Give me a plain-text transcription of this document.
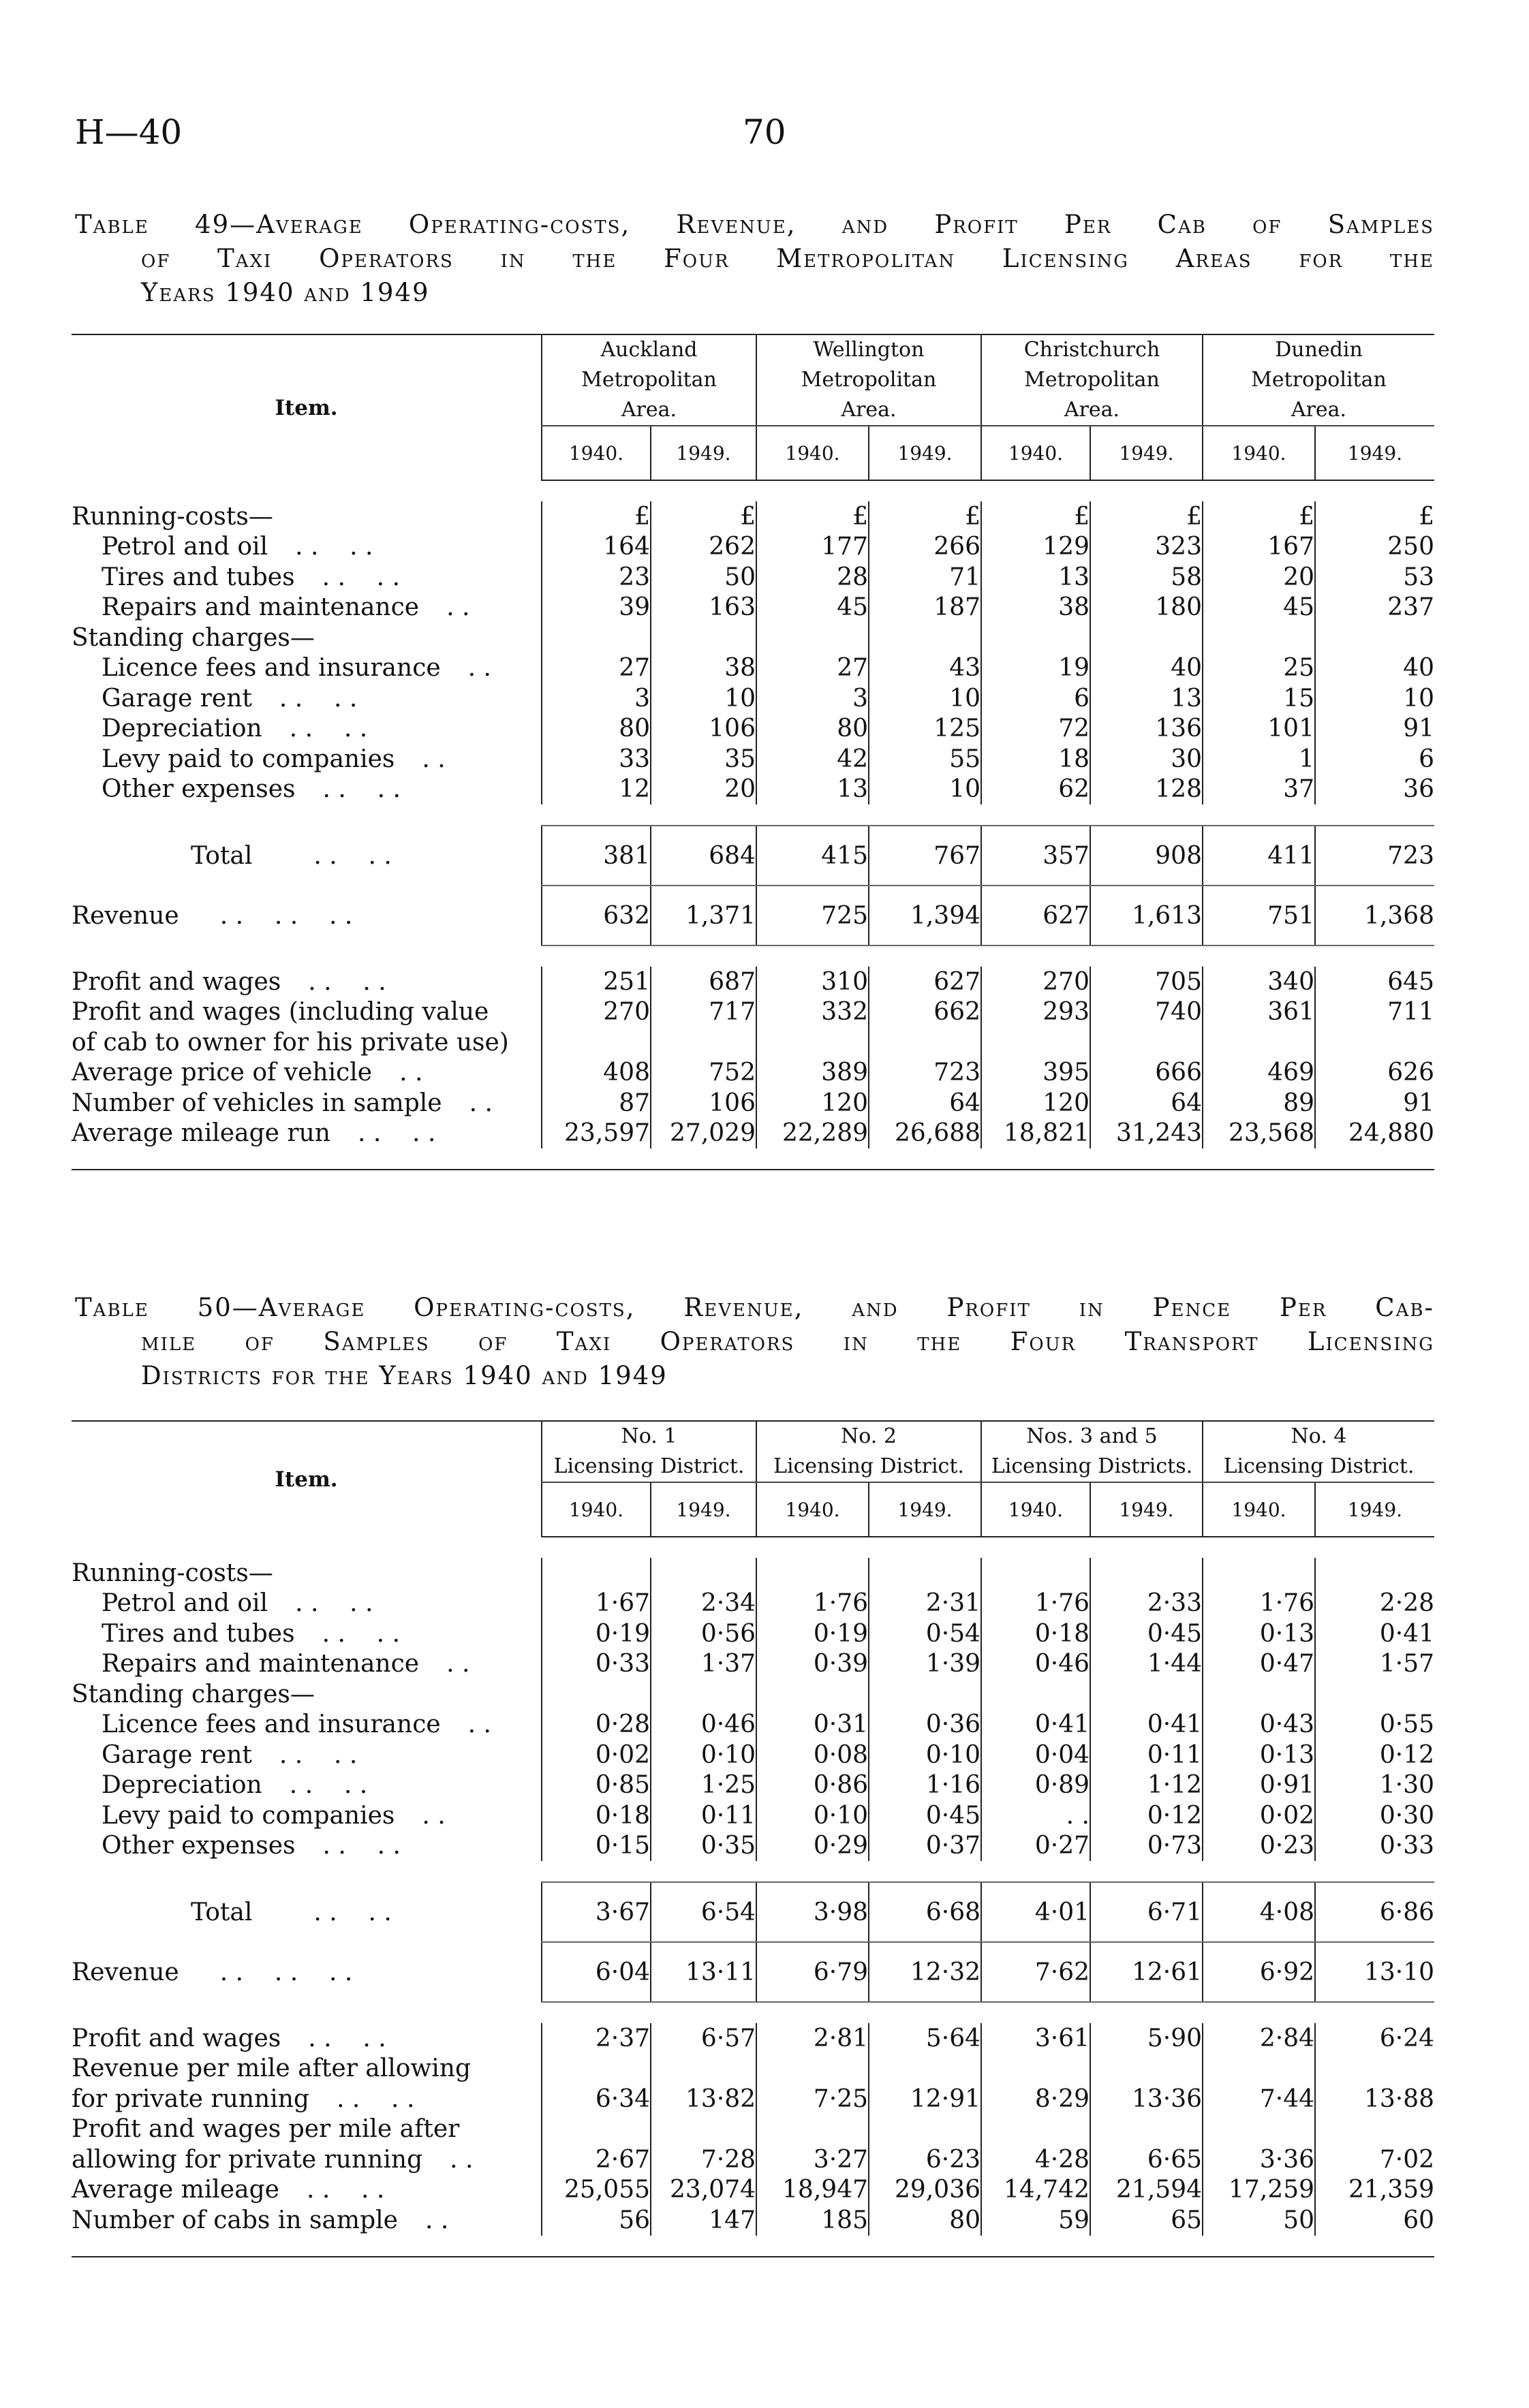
H—40	70
Table 49—Average Operating-costs, Revenue, and Profit Per Cab of Samples
of Taxi Operators in the Four Metropolitan Licensing Areas for the
Years 1940 and 1949
Item.	Auckland
Metropolitan
Area.		Wellington
Metropolitan
Area.		Christchurch
Metropolitan
Area.		Dunedin
Metropolitan
Area.	

	1940.	1949.	1940.	1949.	1940.	1949.	1940.	1949.

Running-costs—	£	£	£	£	£	£	£	£
Petrol and oil . .    . .	164	262	177	266	129	323	167	250
Tires and tubes . .    . .	23	50	28	71	13	58	20	53
Repairs and maintenance . .	39	163	45	187	38	180	45	237
Standing charges—								
Licence fees and insurance . .	27	38	27	43	19	40	25	40
Garage rent . .    . .	3	10	3	10	6	13	15	10
Depreciation . .    . .	80	106	80	125	72	136	101	91
Levy paid to companies . .	33	35	42	55	18	30	1	6
Other expenses . .    . .	12	20	13	10	62	128	37	36

Total . .    . .	381	684	415	767	357	908	411	723
Revenue . .    . .    . .	632	1,371	725	1,394	627	1,613	751	1,368

Profit and wages . .    . .	251	687	310	627	270	705	340	645
Profit and wages (including value	270	717	332	662	293	740	361	711
of cab to owner for his private use)								
Average price of vehicle . .	408	752	389	723	395	666	469	626
Number of vehicles in sample . .	87	106	120	64	120	64	89	91
Average mileage run . .    . .	23,597	27,029	22,289	26,688	18,821	31,243	23,568	24,880

Table 50—Average Operating-costs, Revenue, and Profit in Pence Per Cab-
mile of Samples of Taxi Operators in the Four Transport Licensing
Districts for the Years 1940 and 1949
Item.	No. 1
Licensing District.		No. 2
Licensing District.		Nos. 3 and 5
Licensing Districts.		No. 4
Licensing District.	

	1940.	1949.	1940.	1949.	1940.	1949.	1940.	1949.

Running-costs—								
Petrol and oil . .    . .	1·67	2·34	1·76	2·31	1·76	2·33	1·76	2·28
Tires and tubes . .    . .	0·19	0·56	0·19	0·54	0·18	0·45	0·13	0·41
Repairs and maintenance . .	0·33	1·37	0·39	1·39	0·46	1·44	0·47	1·57
Standing charges—								
Licence fees and insurance . .	0·28	0·46	0·31	0·36	0·41	0·41	0·43	0·55
Garage rent . .    . .	0·02	0·10	0·08	0·10	0·04	0·11	0·13	0·12
Depreciation . .    . .	0·85	1·25	0·86	1·16	0·89	1·12	0·91	1·30
Levy paid to companies . .	0·18	0·11	0·10	0·45	. .	0·12	0·02	0·30
Other expenses . .    . .	0·15	0·35	0·29	0·37	0·27	0·73	0·23	0·33

Total . .    . .	3·67	6·54	3·98	6·68	4·01	6·71	4·08	6·86
Revenue . .    . .    . .	6·04	13·11	6·79	12·32	7·62	12·61	6·92	13·10

Profit and wages . .    . .	2·37	6·57	2·81	5·64	3·61	5·90	2·84	6·24
Revenue per mile after allowing								
for private running . .    . .	6·34	13·82	7·25	12·91	8·29	13·36	7·44	13·88
Profit and wages per mile after								
allowing for private running . .	2·67	7·28	3·27	6·23	4·28	6·65	3·36	7·02
Average mileage . .    . .	25,055	23,074	18,947	29,036	14,742	21,594	17,259	21,359
Number of cabs in sample . .	56	147	185	80	59	65	50	60
